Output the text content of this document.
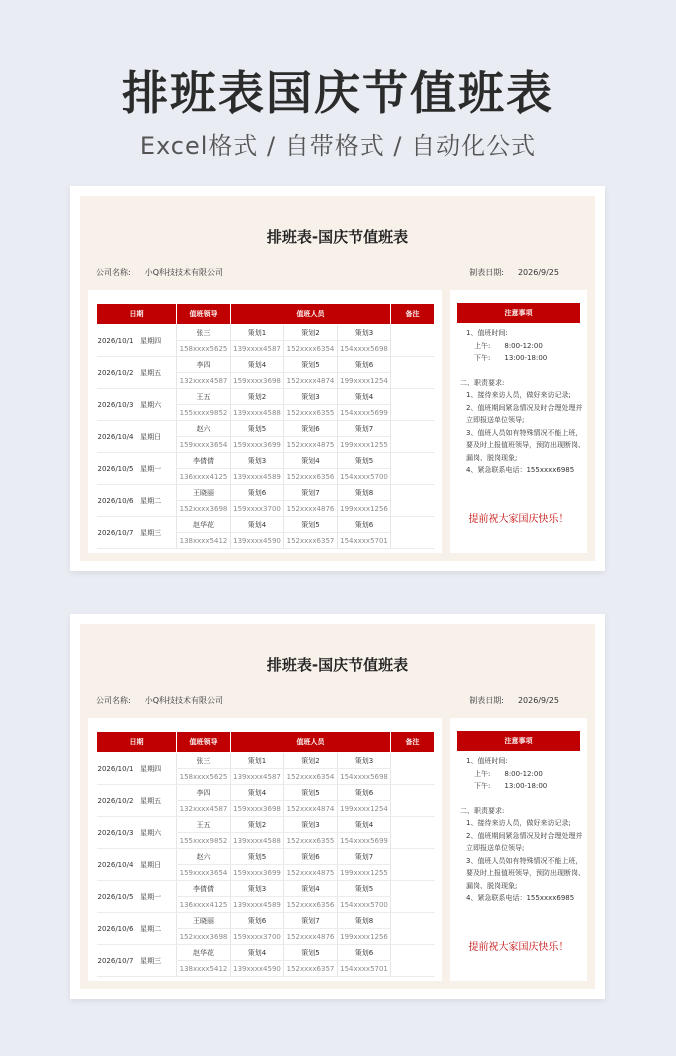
排班表国庆节值班表
Excel格式 / 自带格式 / 自动化公式
排班表-国庆节值班表
公司名称: 小Q科技技术有限公司	制表日期: 2026/9/25
日期	值班领导	值班人员			备注
2026/10/1 星期四	张三	策划1	策划2	策划3	
	158xxxx5625	139xxxx4587	152xxxx6354	154xxxx5698	
2026/10/2 星期五	李四	策划4	策划5	策划6	
	132xxxx4587	159xxxx3698	152xxxx4874	199xxxx1254	
2026/10/3 星期六	王五	策划2	策划3	策划4	
	155xxxx9852	139xxxx4588	152xxxx6355	154xxxx5699	
2026/10/4 星期日	赵六	策划5	策划6	策划7	
	159xxxx3654	159xxxx3699	152xxxx4875	199xxxx1255	
2026/10/5 星期一	李倩倩	策划3	策划4	策划5	
	136xxxx4125	139xxxx4589	152xxxx6356	154xxxx5700	
2026/10/6 星期二	王晓丽	策划6	策划7	策划8	
	152xxxx3698	159xxxx3700	152xxxx4876	199xxxx1256	
2026/10/7 星期三	赵华花	策划4	策划5	策划6	
	138xxxx5412	139xxxx4590	152xxxx6357	154xxxx5701	
注意事项
1、值班时间:
上午: 8:00-12:00
下午: 13:00-18:00
二、职责要求:
1、接待来访人员，做好来访记录;
2、值班期间紧急情况及时合理处理并立即报送单位领导;
3、值班人员如有特殊情况不能上班，要及时上报值班领导，预防出现断岗、漏岗、脱岗现象;
4、紧急联系电话：155xxxx6985
提前祝大家国庆快乐！
排班表-国庆节值班表
公司名称: 小Q科技技术有限公司	制表日期: 2026/9/25
日期	值班领导	值班人员			备注
2026/10/1 星期四	张三	策划1	策划2	策划3	
	158xxxx5625	139xxxx4587	152xxxx6354	154xxxx5698	
2026/10/2 星期五	李四	策划4	策划5	策划6	
	132xxxx4587	159xxxx3698	152xxxx4874	199xxxx1254	
2026/10/3 星期六	王五	策划2	策划3	策划4	
	155xxxx9852	139xxxx4588	152xxxx6355	154xxxx5699	
2026/10/4 星期日	赵六	策划5	策划6	策划7	
	159xxxx3654	159xxxx3699	152xxxx4875	199xxxx1255	
2026/10/5 星期一	李倩倩	策划3	策划4	策划5	
	136xxxx4125	139xxxx4589	152xxxx6356	154xxxx5700	
2026/10/6 星期二	王晓丽	策划6	策划7	策划8	
	152xxxx3698	159xxxx3700	152xxxx4876	199xxxx1256	
2026/10/7 星期三	赵华花	策划4	策划5	策划6	
	138xxxx5412	139xxxx4590	152xxxx6357	154xxxx5701	
注意事项
1、值班时间:
上午: 8:00-12:00
下午: 13:00-18:00
二、职责要求:
1、接待来访人员，做好来访记录;
2、值班期间紧急情况及时合理处理并立即报送单位领导;
3、值班人员如有特殊情况不能上班，要及时上报值班领导，预防出现断岗、漏岗、脱岗现象;
4、紧急联系电话：155xxxx6985
提前祝大家国庆快乐！
